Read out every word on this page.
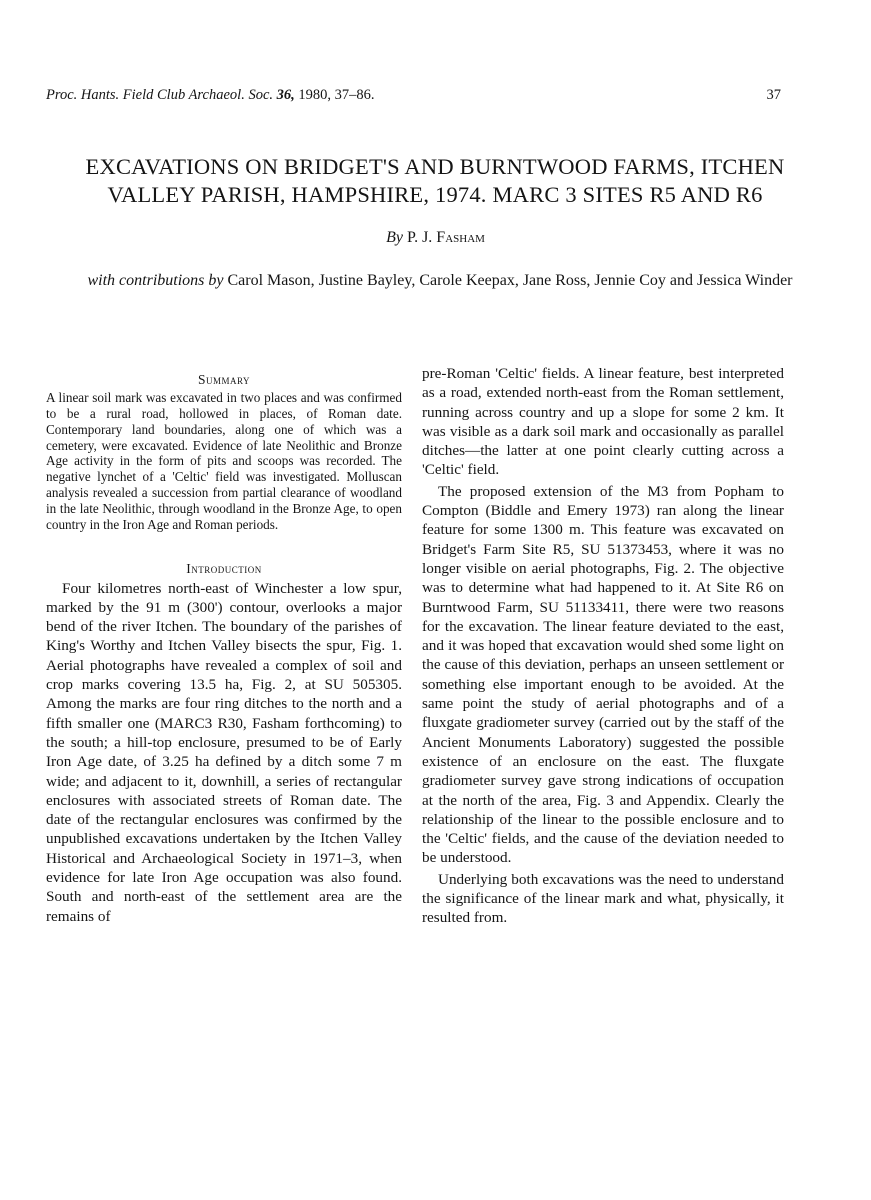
Proc. Hants. Field Club Archaeol. Soc. 36, 1980, 37–86.	37
EXCAVATIONS ON BRIDGET'S AND BURNTWOOD FARMS, ITCHEN VALLEY PARISH, HAMPSHIRE, 1974. MARC 3 SITES R5 AND R6
By P. J. Fasham
with contributions by Carol Mason, Justine Bayley, Carole Keepax, Jane Ross, Jennie Coy and Jessica Winder
Summary

A linear soil mark was excavated in two places and was confirmed to be a rural road, hollowed in places, of Roman date. Contemporary land boundaries, along one of which was a cemetery, were excavated. Evidence of late Neolithic and Bronze Age activity in the form of pits and scoops was recorded. The negative lynchet of a 'Celtic' field was investigated. Molluscan analysis revealed a succession from partial clearance of woodland in the late Neolithic, through woodland in the Bronze Age, to open country in the Iron Age and Roman periods.

Introduction

Four kilometres north-east of Winchester a low spur, marked by the 91 m (300') contour, overlooks a major bend of the river Itchen. The boundary of the parishes of King's Worthy and Itchen Valley bisects the spur, Fig. 1. Aerial photographs have revealed a complex of soil and crop marks covering 13.5 ha, Fig. 2, at SU 505305. Among the marks are four ring ditches to the north and a fifth smaller one (MARC3 R30, Fasham forthcoming) to the south; a hill-top enclosure, presumed to be of Early Iron Age date, of 3.25 ha defined by a ditch some 7 m wide; and adjacent to it, downhill, a series of rectangular enclosures with associated streets of Roman date. The date of the rectangular enclosures was confirmed by the unpublished excavations undertaken by the Itchen Valley Historical and Archaeological Society in 1971–3, when evidence for late Iron Age occupation was also found. South and north-east of the settlement area are the remains of

pre-Roman 'Celtic' fields. A linear feature, best interpreted as a road, extended north-east from the Roman settlement, running across country and up a slope for some 2 km. It was visible as a dark soil mark and occasionally as parallel ditches—the latter at one point clearly cutting across a 'Celtic' field.

The proposed extension of the M3 from Popham to Compton (Biddle and Emery 1973) ran along the linear feature for some 1300 m. This feature was excavated on Bridget's Farm Site R5, SU 51373453, where it was no longer visible on aerial photographs, Fig. 2. The objective was to determine what had happened to it. At Site R6 on Burntwood Farm, SU 51133411, there were two reasons for the excavation. The linear feature deviated to the east, and it was hoped that excavation would shed some light on the cause of this deviation, perhaps an unseen settlement or something else important enough to be avoided. At the same point the study of aerial photographs and of a fluxgate gradiometer survey (carried out by the staff of the Ancient Monuments Laboratory) suggested the possible existence of an enclosure on the east. The fluxgate gradiometer survey gave strong indications of occupation at the north of the area, Fig. 3 and Appendix. Clearly the relationship of the linear to the possible enclosure and to the 'Celtic' fields, and the cause of the deviation needed to be understood.

Underlying both excavations was the need to understand the significance of the linear mark and what, physically, it resulted from.
